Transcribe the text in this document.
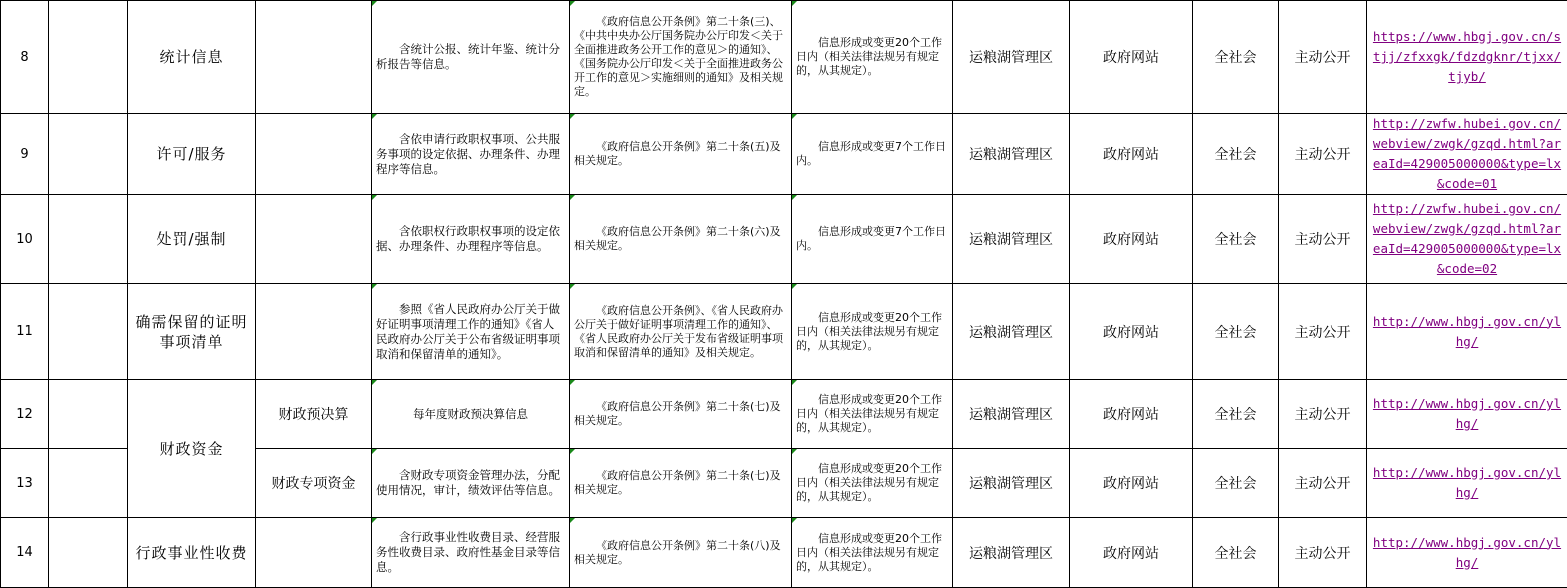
8		统计信息		含统计公报、统计年鉴、统计分析报告等信息。	《政府信息公开条例》第二十条(三)、《中共中央办公厅国务院办公厅印发＜关于全面推进政务公开工作的意见＞的通知》、《国务院办公厅印发＜关于全面推进政务公开工作的意见＞实施细则的通知》及相关规定。	信息形成或变更20个工作日内（相关法律法规另有规定的，从其规定）。	运粮湖管理区	政府网站	全社会	主动公开	https://www.hbgj.gov.cn/stjj/zfxxgk/fdzdgknr/tjxx/tjyb/
9		许可/服务		含依申请行政职权事项、公共服务事项的设定依据、办理条件、办理程序等信息。	《政府信息公开条例》第二十条(五)及相关规定。	信息形成或变更7个工作日内。	运粮湖管理区	政府网站	全社会	主动公开	http://zwfw.hubei.gov.cn/webview/zwgk/gzqd.html?areaId=429005000000&type=lx&code=01
10		处罚/强制		含依职权行政职权事项的设定依据、办理条件、办理程序等信息。	《政府信息公开条例》第二十条(六)及相关规定。	信息形成或变更7个工作日内。	运粮湖管理区	政府网站	全社会	主动公开	http://zwfw.hubei.gov.cn/webview/zwgk/gzqd.html?areaId=429005000000&type=lx&code=02
11		确需保留的证明事项清单		参照《省人民政府办公厅关于做好证明事项清理工作的通知》《省人民政府办公厅关于公布省级证明事项取消和保留清单的通知》。	《政府信息公开条例》、《省人民政府办公厅关于做好证明事项清理工作的通知》、《省人民政府办公厅关于发布省级证明事项取消和保留清单的通知》及相关规定。	信息形成或变更20个工作日内（相关法律法规另有规定的，从其规定）。	运粮湖管理区	政府网站	全社会	主动公开	http://www.hbgj.gov.cn/ylhg/
12		财政资金	财政预决算	每年度财政预决算信息	《政府信息公开条例》第二十条(七)及相关规定。	信息形成或变更20个工作日内（相关法律法规另有规定的，从其规定）。	运粮湖管理区	政府网站	全社会	主动公开	http://www.hbgj.gov.cn/ylhg/
13			财政专项资金	含财政专项资金管理办法，分配使用情况，审计，绩效评估等信息。	《政府信息公开条例》第二十条(七)及相关规定。	信息形成或变更20个工作日内（相关法律法规另有规定的，从其规定）。	运粮湖管理区	政府网站	全社会	主动公开	http://www.hbgj.gov.cn/ylhg/
14		行政事业性收费		含行政事业性收费目录、经营服务性收费目录、政府性基金目录等信息。	《政府信息公开条例》第二十条(八)及相关规定。	信息形成或变更20个工作日内（相关法律法规另有规定的，从其规定）。	运粮湖管理区	政府网站	全社会	主动公开	http://www.hbgj.gov.cn/ylhg/
